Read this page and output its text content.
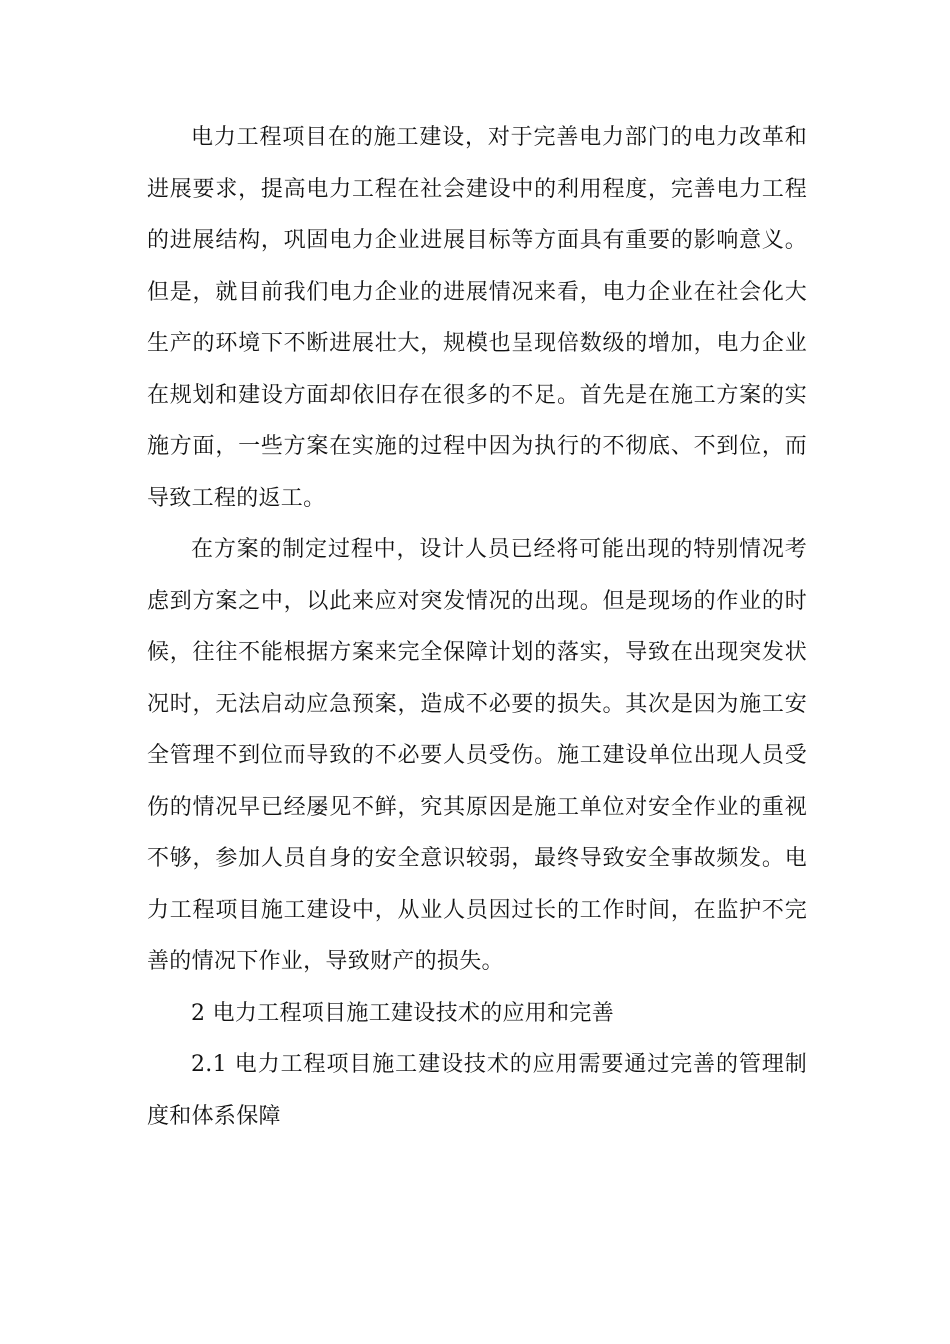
电力工程项目在的施工建设，对于完善电力部门的电力改革和进展要求，提高电力工程在社会建设中的利用程度，完善电力工程的进展结构，巩固电力企业进展目标等方面具有重要的影响意义。但是，就目前我们电力企业的进展情况来看，电力企业在社会化大生产的环境下不断进展壮大，规模也呈现倍数级的增加，电力企业在规划和建设方面却依旧存在很多的不足。首先是在施工方案的实施方面，一些方案在实施的过程中因为执行的不彻底、不到位，而导致工程的返工。

在方案的制定过程中，设计人员已经将可能出现的特别情况考虑到方案之中，以此来应对突发情况的出现。但是现场的作业的时候，往往不能根据方案来完全保障计划的落实，导致在出现突发状况时，无法启动应急预案，造成不必要的损失。其次是因为施工安全管理不到位而导致的不必要人员受伤。施工建设单位出现人员受伤的情况早已经屡见不鲜，究其原因是施工单位对安全作业的重视不够，参加人员自身的安全意识较弱，最终导致安全事故频发。电力工程项目施工建设中，从业人员因过长的工作时间，在监护不完善的情况下作业，导致财产的损失。

2 电力工程项目施工建设技术的应用和完善

2.1 电力工程项目施工建设技术的应用需要通过完善的管理制度和体系保障
